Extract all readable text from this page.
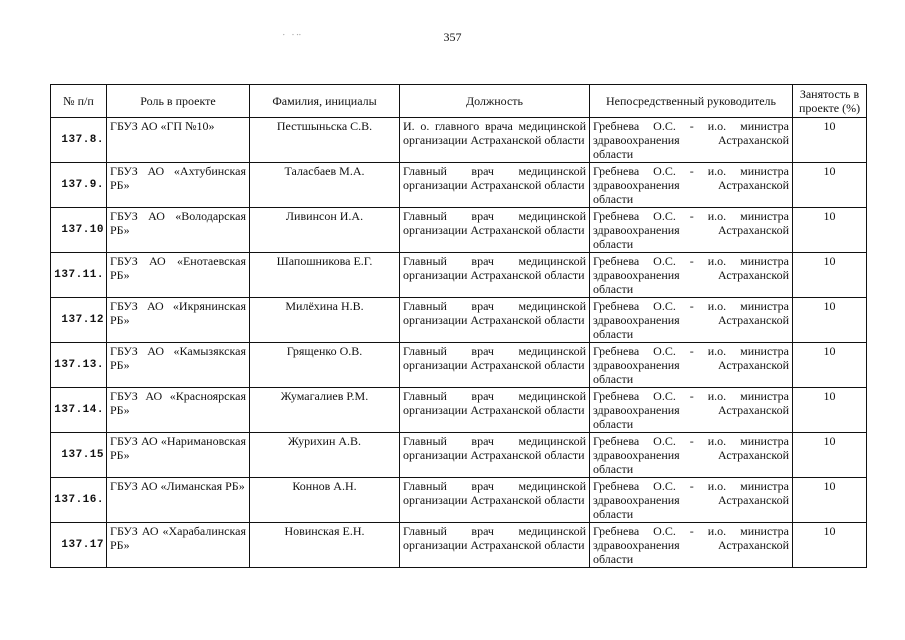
357
⠂⠐⠒
№ п/п	Роль в проекте	Фамилия, инициалы	Должность	Непосредственный руководитель	Занятость в проекте (%)

137.8.	ГБУЗ АО «ГП №10»	Пестшыньска С.В.	И. о. главного врача медицинской организации Астраханской области	Гребнева О.С. - и.о. министра здравоохранения Астраханской области	10

137.9.	ГБУЗ АО «Ахтубинская РБ»	Таласбаев М.А.	Главный врач медицинской организации Астраханской области	Гребнева О.С. - и.о. министра здравоохранения Астраханской области	10

137.10	ГБУЗ АО «Володарская РБ»	Ливинсон И.А.	Главный врач медицинской организации Астраханской области	Гребнева О.С. - и.о. министра здравоохранения Астраханской области	10

137.11.	ГБУЗ АО «Енотаевская РБ»	Шапошникова Е.Г.	Главный врач медицинской организации Астраханской области	Гребнева О.С. - и.о. министра здравоохранения Астраханской области	10

137.12	ГБУЗ АО «Икрянинская РБ»	Милёхина Н.В.	Главный врач медицинской организации Астраханской области	Гребнева О.С. - и.о. министра здравоохранения Астраханской области	10

137.13.	ГБУЗ АО «Камызякская РБ»	Грященко О.В.	Главный врач медицинской организации Астраханской области	Гребнева О.С. - и.о. министра здравоохранения Астраханской области	10

137.14.	ГБУЗ АО «Красноярская РБ»	Жумагалиев Р.М.	Главный врач медицинской организации Астраханской области	Гребнева О.С. - и.о. министра здравоохранения Астраханской области	10

137.15	ГБУЗ АО «Наримановская РБ»	Журихин А.В.	Главный врач медицинской организации Астраханской области	Гребнева О.С. - и.о. министра здравоохранения Астраханской области	10

137.16.	ГБУЗ АО «Лиманская РБ»	Коннов А.Н.	Главный врач медицинской организации Астраханской области	Гребнева О.С. - и.о. министра здравоохранения Астраханской области	10

137.17	ГБУЗ АО «Харабалинская РБ»	Новинская Е.Н.	Главный врач медицинской организации Астраханской области	Гребнева О.С. - и.о. министра здравоохранения Астраханской области	10
